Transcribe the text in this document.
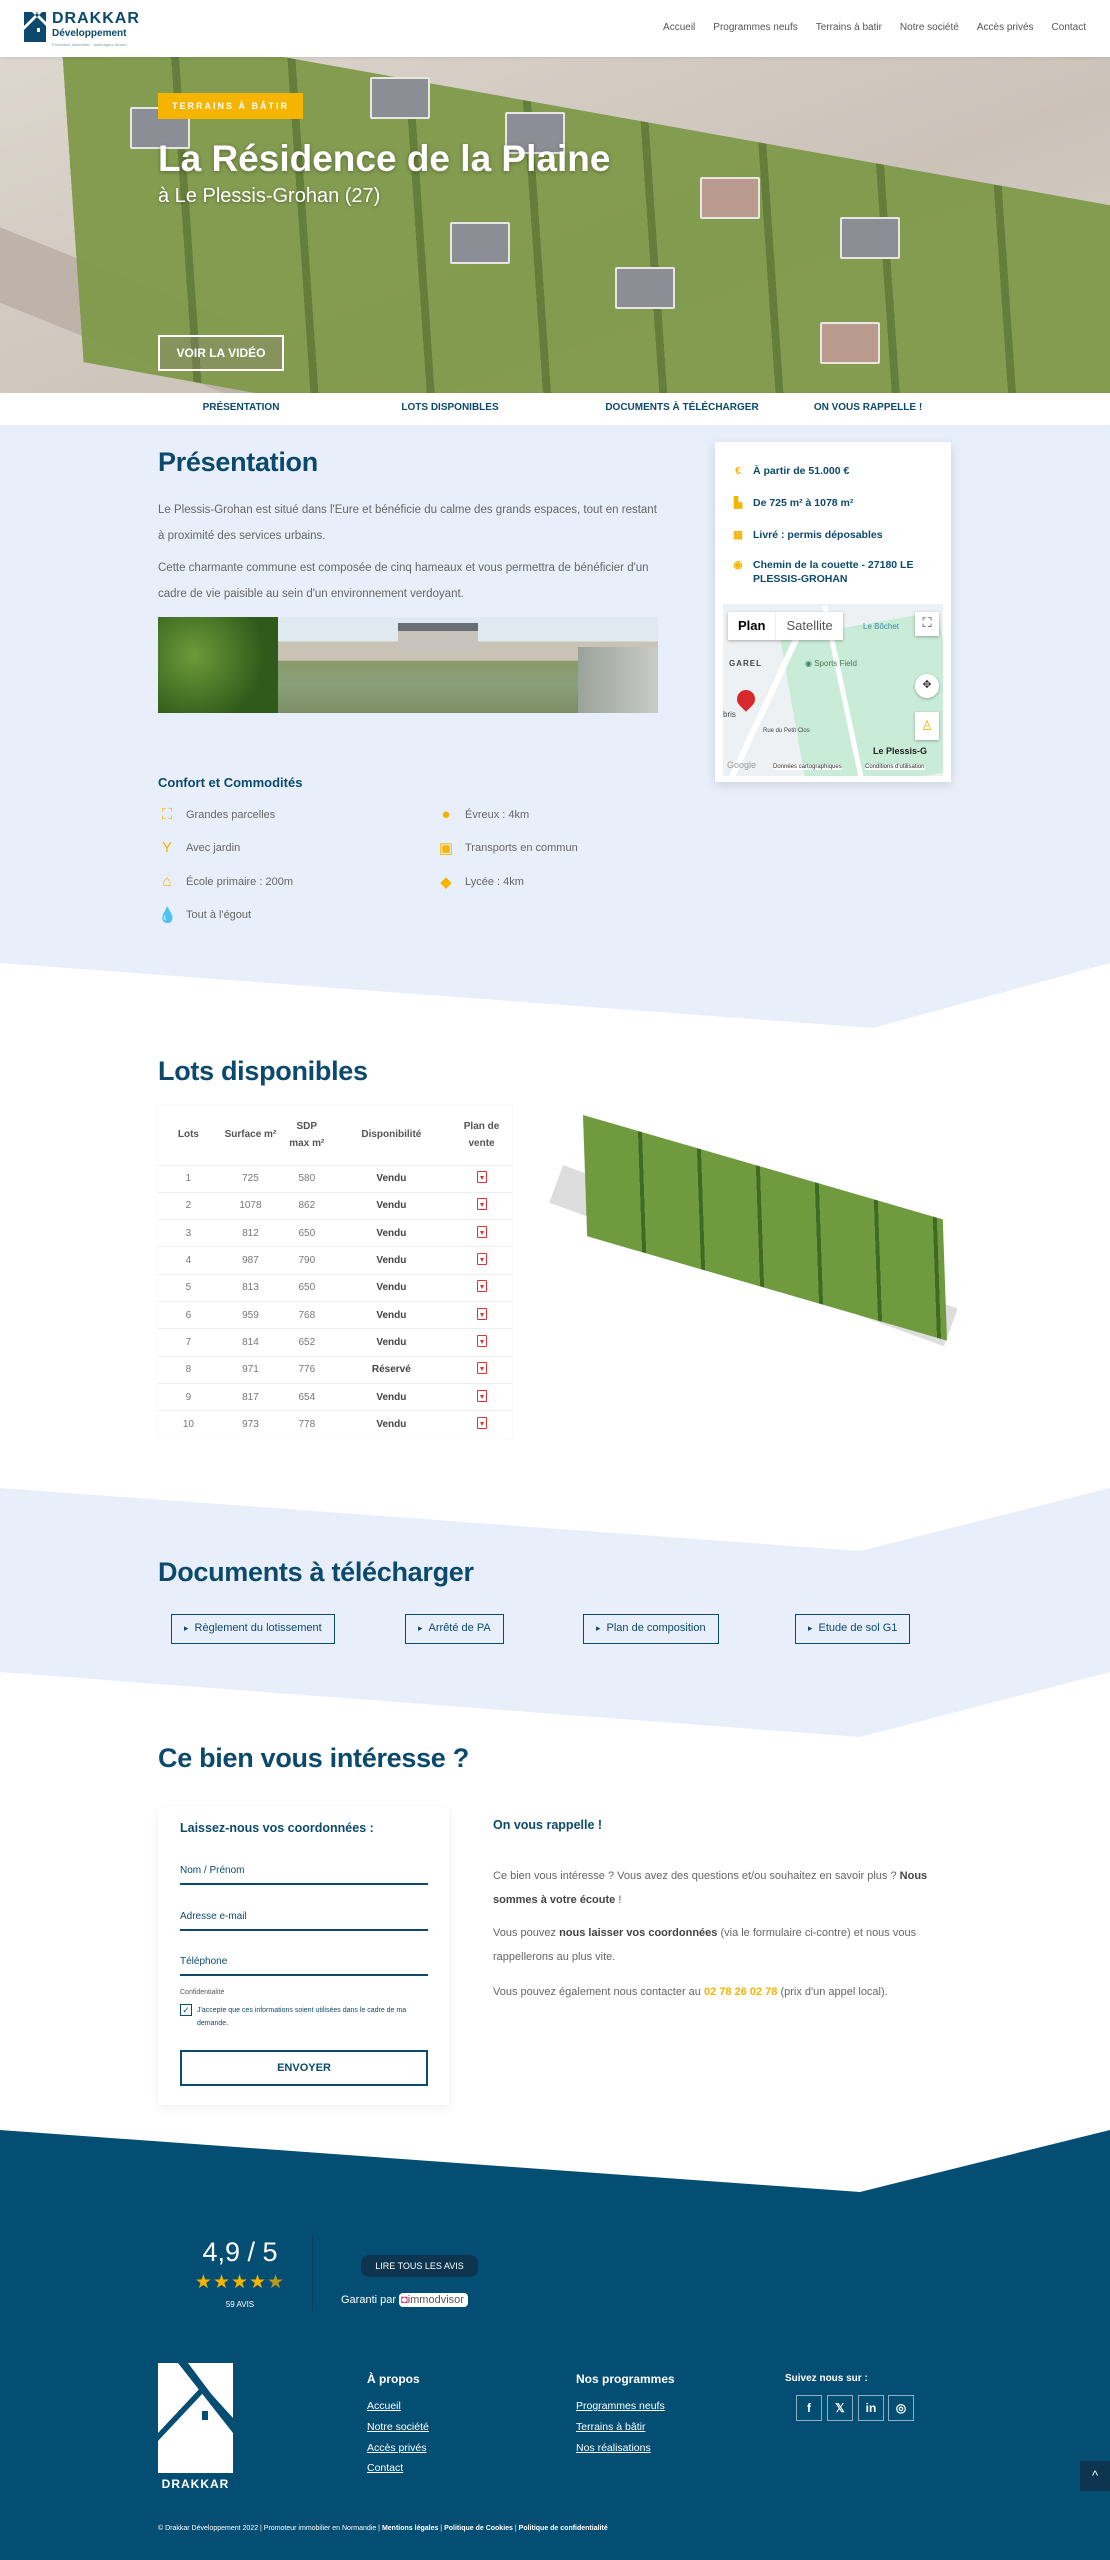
DRAKKAR
Développement
Promoteur immobilier · aménageur foncier
Accueil Programmes neufs Terrains à batir Notre société Accès privés Contact
TERRAINS À BÂTIR
La Résidence de la Plaine
à Le Plessis-Grohan (27)
VOIR LA VIDÉO
PRÉSENTATION	LOTS DISPONIBLES	DOCUMENTS À TÉLÉCHARGER	ON VOUS RAPPELLE !
Présentation

Le Plessis-Grohan est situé dans l'Eure et bénéficie du calme des grands espaces, tout en restant à proximité des services urbains.

Cette charmante commune est composée de cinq hameaux et vous permettra de bénéficier d'un cadre de vie paisible au sein d'un environnement verdoyant.

Confort et Commodités
⛶	Grandes parcelles	●	Évreux : 4km
Y	Avec jardin	▣ Transports en commun
⌂	École primaire : 200m	◆ Lycée : 4km
💧 Tout à l'égout
€	À partir de 51.000 €
▙ De 725 m² à 1078 m²
▦ Livré : permis déposables
◉ Chemin de la couette - 27180 LE PLESSIS-GROHAN
Plan	Satellite	Le Bôchet	⛶
GAREL
Rue du Petit Clos
◉ Sports Field
✥
bris
♙
Le Plessis-G
Google	Données cartographiques	Conditions d'utilisation
Lots disponibles
Lots	Surface m²	SDP max m²	Disponibilité	Plan de vente
1	725	580	Vendu	
2	1078	862	Vendu	
3	812	650	Vendu	
4	987	790	Vendu	
5	813	650	Vendu	
6	959	768	Vendu	
7	814	652	Vendu	
8	971	776	Réservé	
9	817	654	Vendu	
10	973	778	Vendu	
Documents à télécharger
▸ Règlement du lotissement	▸ Arrêté de PA	▸ Plan de composition	▸ Etude de sol G1
Ce bien vous intéresse ?
Laissez-nous vos coordonnées :
Nom / Prénom
Adresse e-mail
Téléphone
Confidentialité
✓	J'accepte que ces informations soient utilisées dans le cadre de ma demande.
ENVOYER
On vous rappelle !

Ce bien vous intéresse ? Vous avez des questions et/ou souhaitez en savoir plus ? Nous sommes à votre écoute !

Vous pouvez nous laisser vos coordonnées (via le formulaire ci-contre) et nous vous rappellerons au plus vite.

Vous pouvez également nous contacter au 02 78 26 02 78 (prix d'un appel local).

4,9 / 5
★★★★★
59 AVIS
LIRE TOUS LES AVIS
Garanti par ◘immodvisor
DRAKKAR
À propos
Accueil
Notre société
Accès privés
Contact
Nos programmes
Programmes neufs
Terrains à bâtir
Nos réalisations
Suivez nous sur :
f	𝕏	in	◎
^
© Drakkar Développement 2022 | Promoteur immobilier en Normandie | Mentions légales | Politique de Cookies | Politique de confidentialité
